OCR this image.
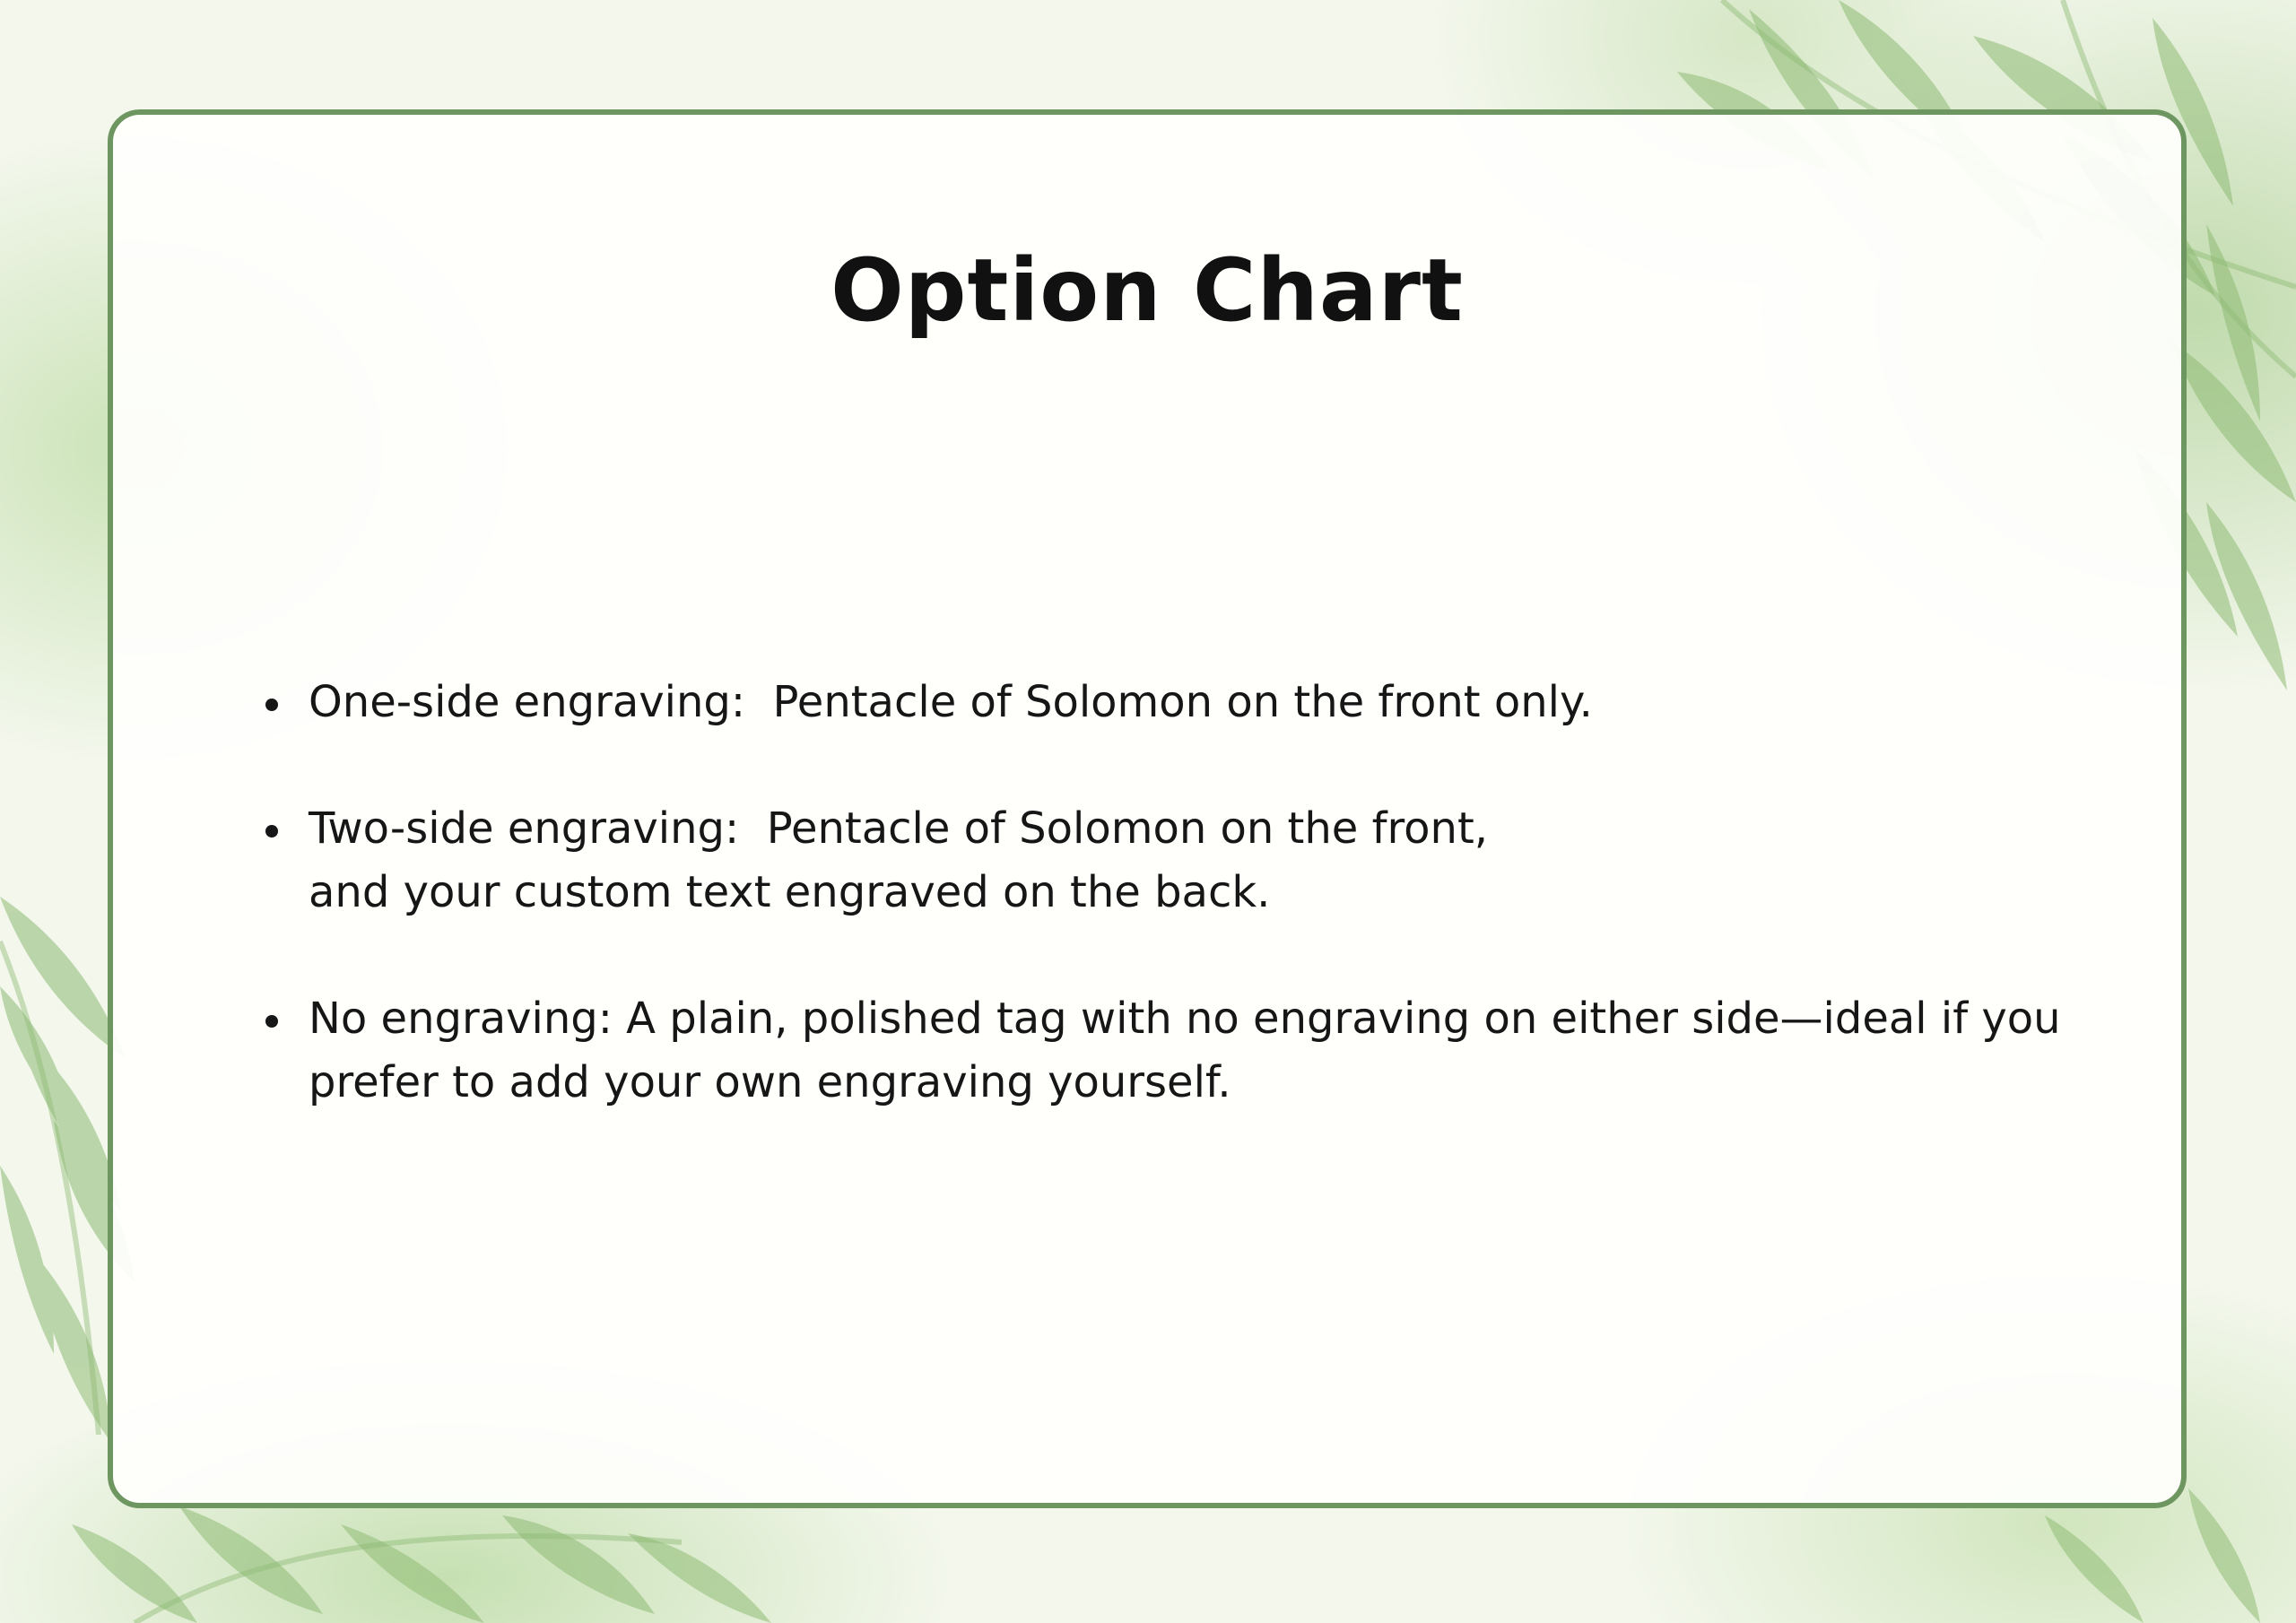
Option Chart
One-side engraving:  Pentacle of Solomon on the front only.
Two-side engraving:  Pentacle of Solomon on the front,
and your custom text engraved on the back.
No engraving: A plain, polished tag with no engraving on either side—ideal if you
prefer to add your own engraving yourself.
